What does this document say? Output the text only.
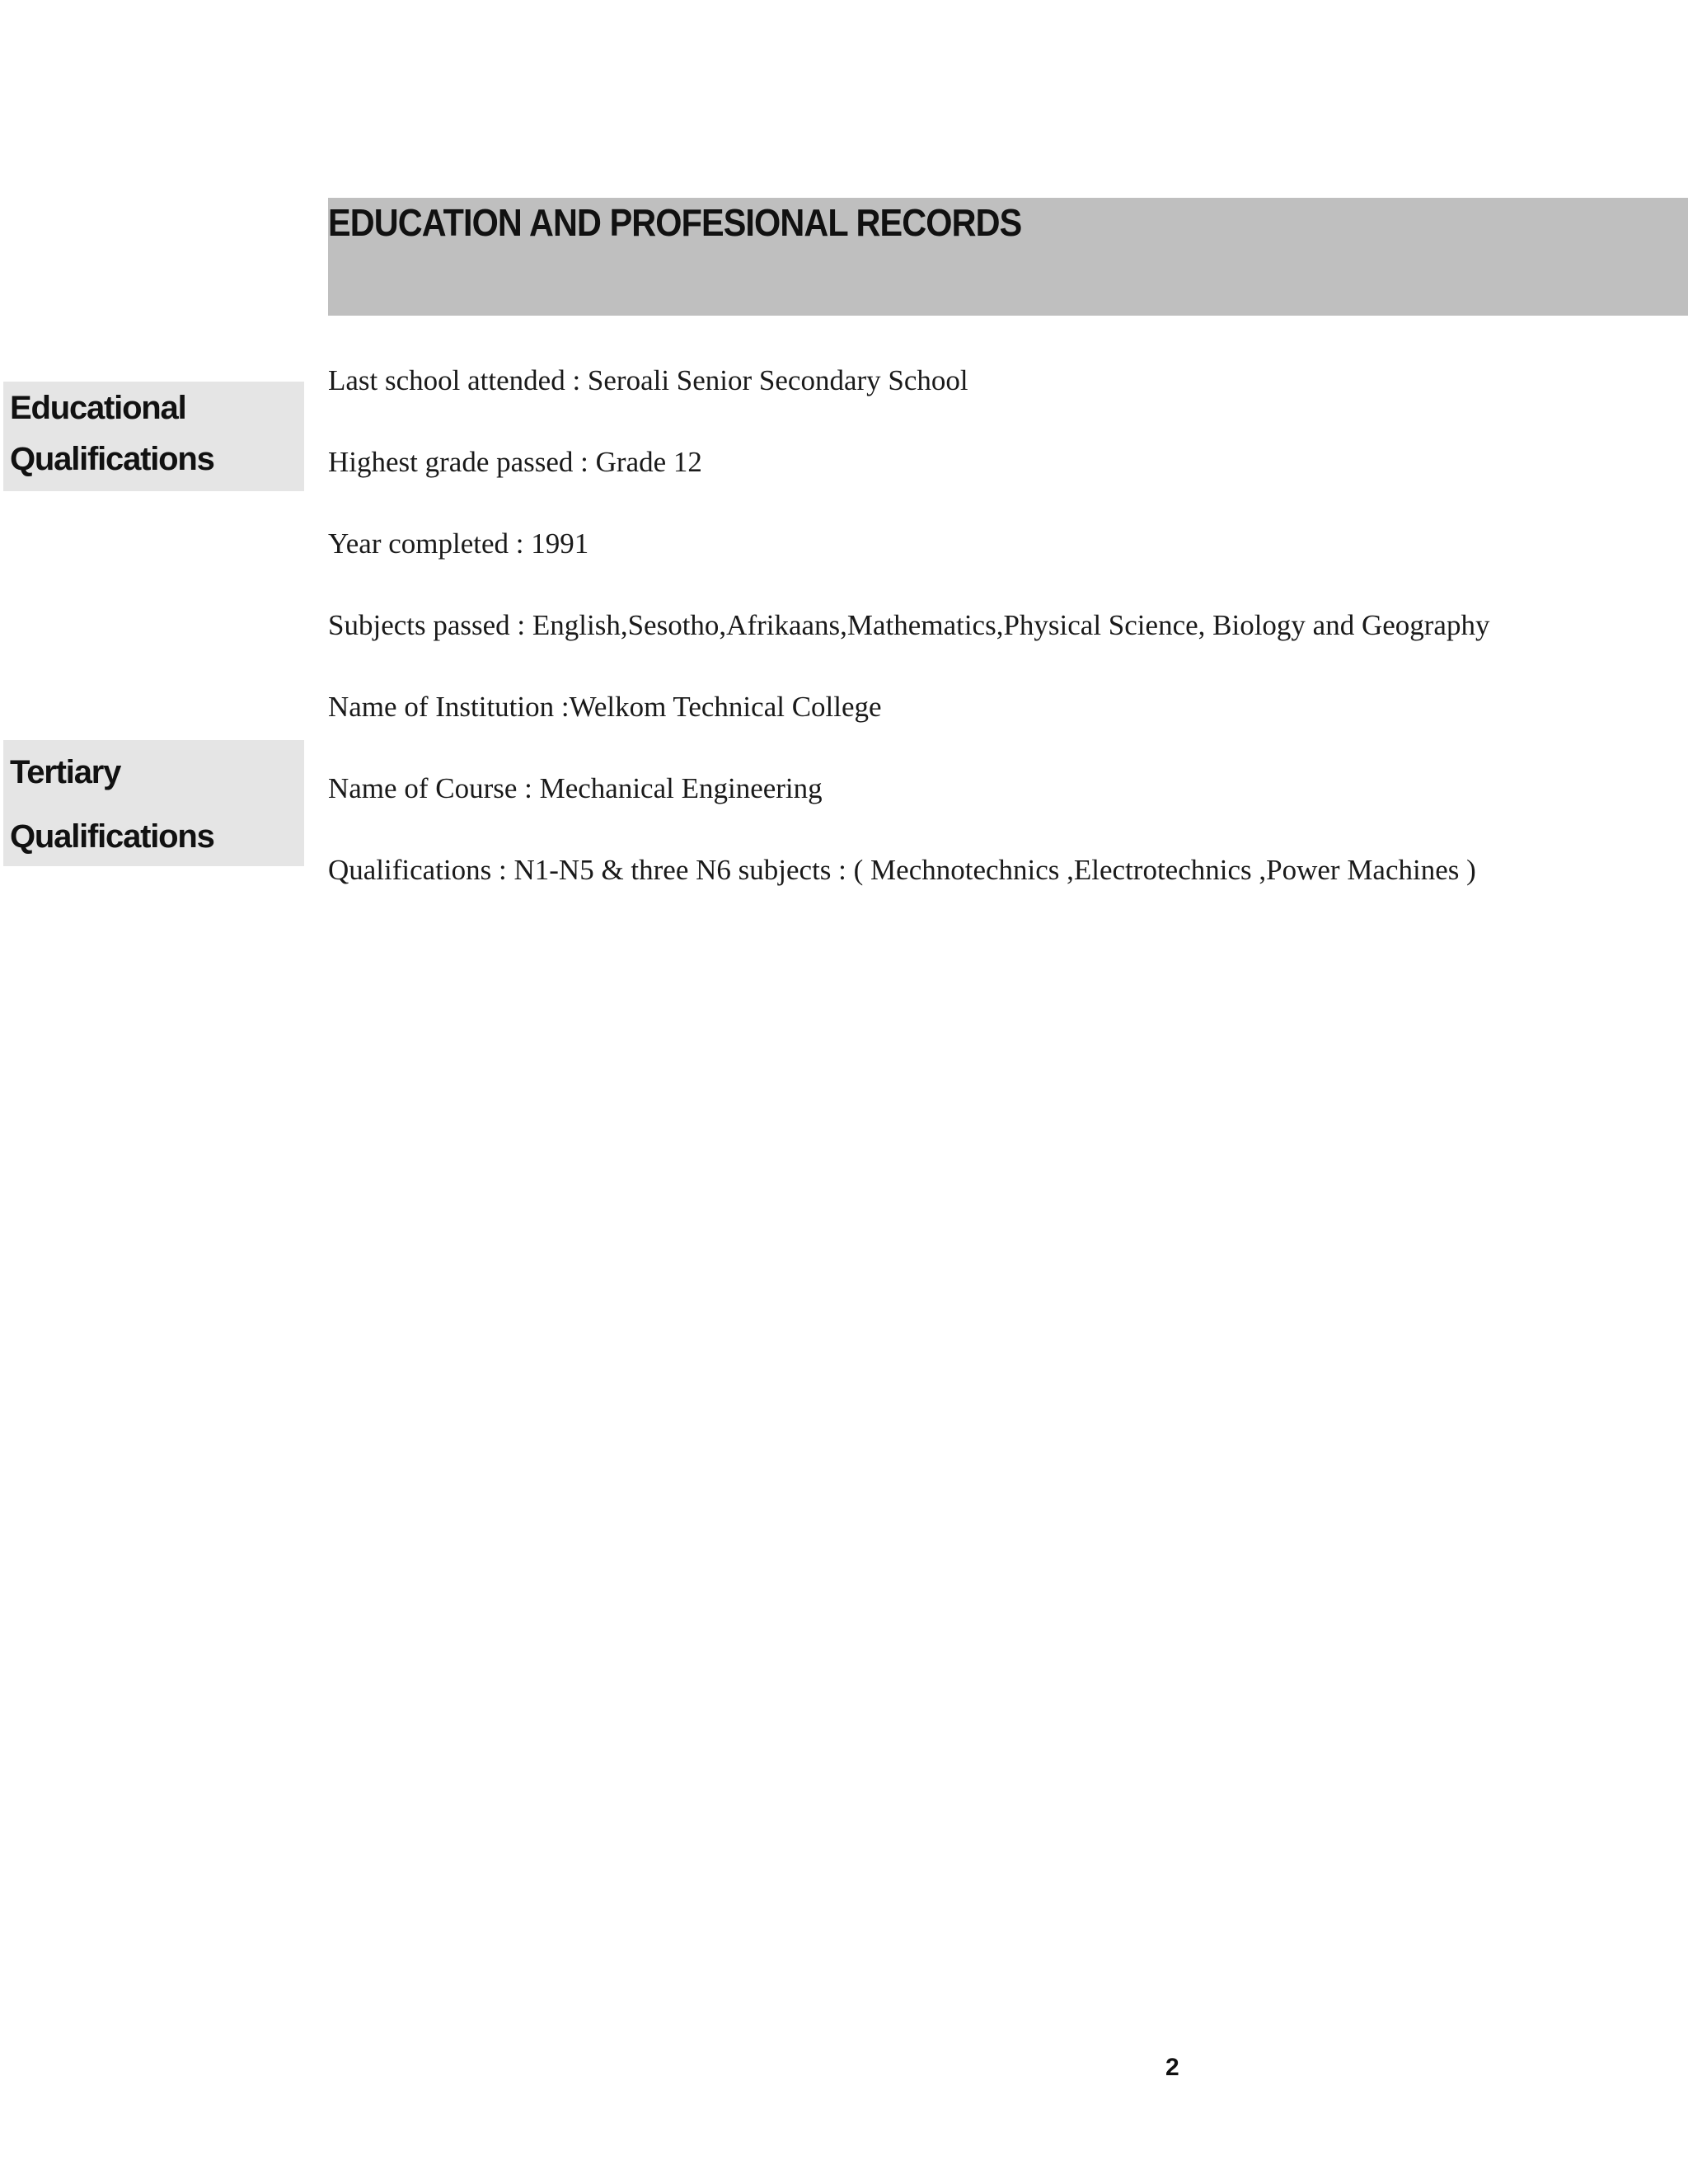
EDUCATION AND PROFESIONAL RECORDS
Educational
Qualifications
Tertiary
Qualifications
Last school attended : Seroali Senior Secondary School
Highest grade passed : Grade 12
Year completed : 1991
Subjects passed : English,Sesotho,Afrikaans,Mathematics,Physical Science, Biology and Geography
Name of Institution :Welkom Technical College
Name of Course : Mechanical Engineering
Qualifications : N1-N5 & three N6 subjects : ( Mechnotechnics ,Electrotechnics ,Power Machines )
2
